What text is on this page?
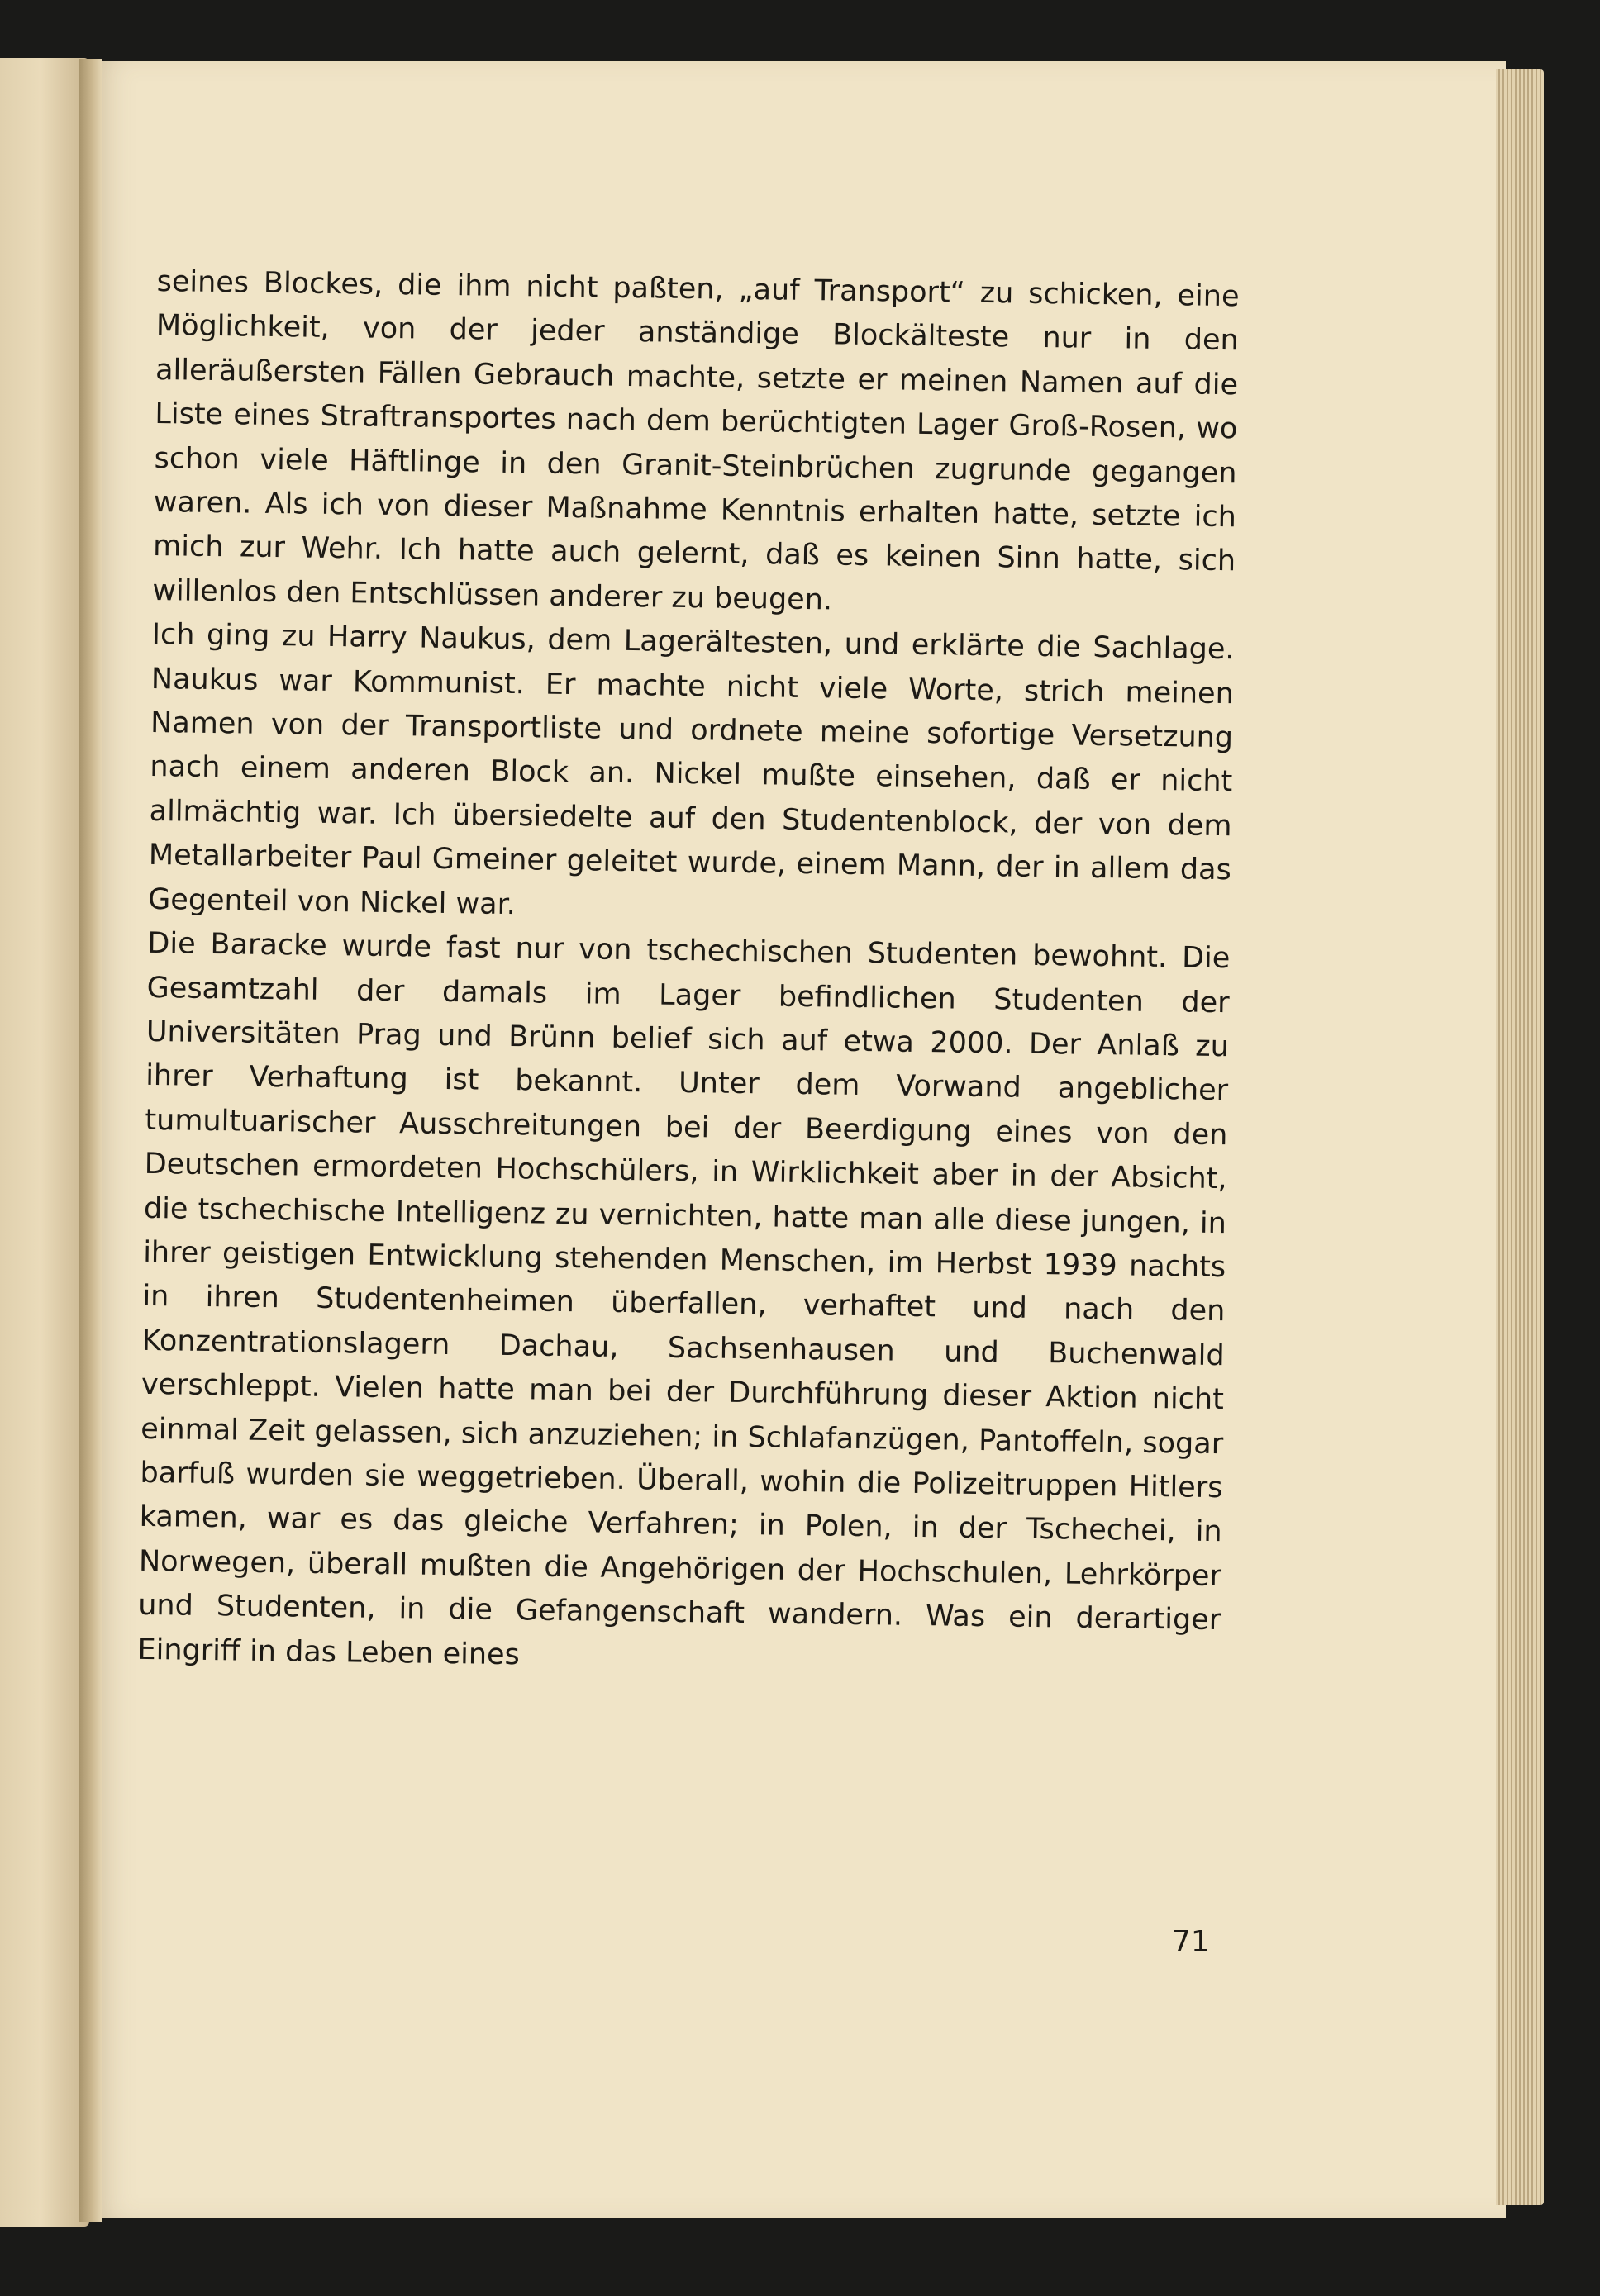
seines Blockes, die ihm nicht paßten, „auf Transport“ zu schicken, eine Möglichkeit, von der jeder anständige Blockälteste nur in den alleräußersten Fällen Gebrauch machte, setzte er meinen Namen auf die Liste eines Straftransportes nach dem berüchtigten Lager Groß-Rosen, wo schon viele Häftlinge in den Granit-Steinbrüchen zugrunde gegangen waren. Als ich von dieser Maßnahme Kenntnis erhalten hatte, setzte ich mich zur Wehr. Ich hatte auch gelernt, daß es keinen Sinn hatte, sich willenlos den Entschlüssen anderer zu beugen.

Ich ging zu Harry Naukus, dem Lagerältesten, und erklärte die Sachlage. Naukus war Kommunist. Er machte nicht viele Worte, strich meinen Namen von der Transportliste und ordnete meine sofortige Versetzung nach einem anderen Block an. Nickel mußte einsehen, daß er nicht allmächtig war. Ich übersiedelte auf den Studentenblock, der von dem Metallarbeiter Paul Gmeiner geleitet wurde, einem Mann, der in allem das Gegenteil von Nickel war.

Die Baracke wurde fast nur von tschechischen Studenten bewohnt. Die Gesamtzahl der damals im Lager befindlichen Studenten der Universitäten Prag und Brünn belief sich auf etwa 2000. Der Anlaß zu ihrer Verhaftung ist bekannt. Unter dem Vorwand angeblicher tumultuarischer Ausschreitungen bei der Beerdigung eines von den Deutschen ermordeten Hochschülers, in Wirklichkeit aber in der Absicht, die tschechische Intelligenz zu vernichten, hatte man alle diese jungen, in ihrer geistigen Entwicklung stehenden Menschen, im Herbst 1939 nachts in ihren Studentenheimen überfallen, verhaftet und nach den Konzentrationslagern Dachau, Sachsenhausen und Buchenwald verschleppt. Vielen hatte man bei der Durchführung dieser Aktion nicht einmal Zeit gelassen, sich anzuziehen; in Schlafanzügen, Pantoffeln, sogar barfuß wurden sie weggetrieben. Überall, wohin die Polizeitruppen Hitlers kamen, war es das gleiche Verfahren; in Polen, in der Tschechei, in Norwegen, überall mußten die Angehörigen der Hochschulen, Lehrkörper und Studenten, in die Gefangenschaft wandern. Was ein derartiger Eingriff in das Leben eines

71
